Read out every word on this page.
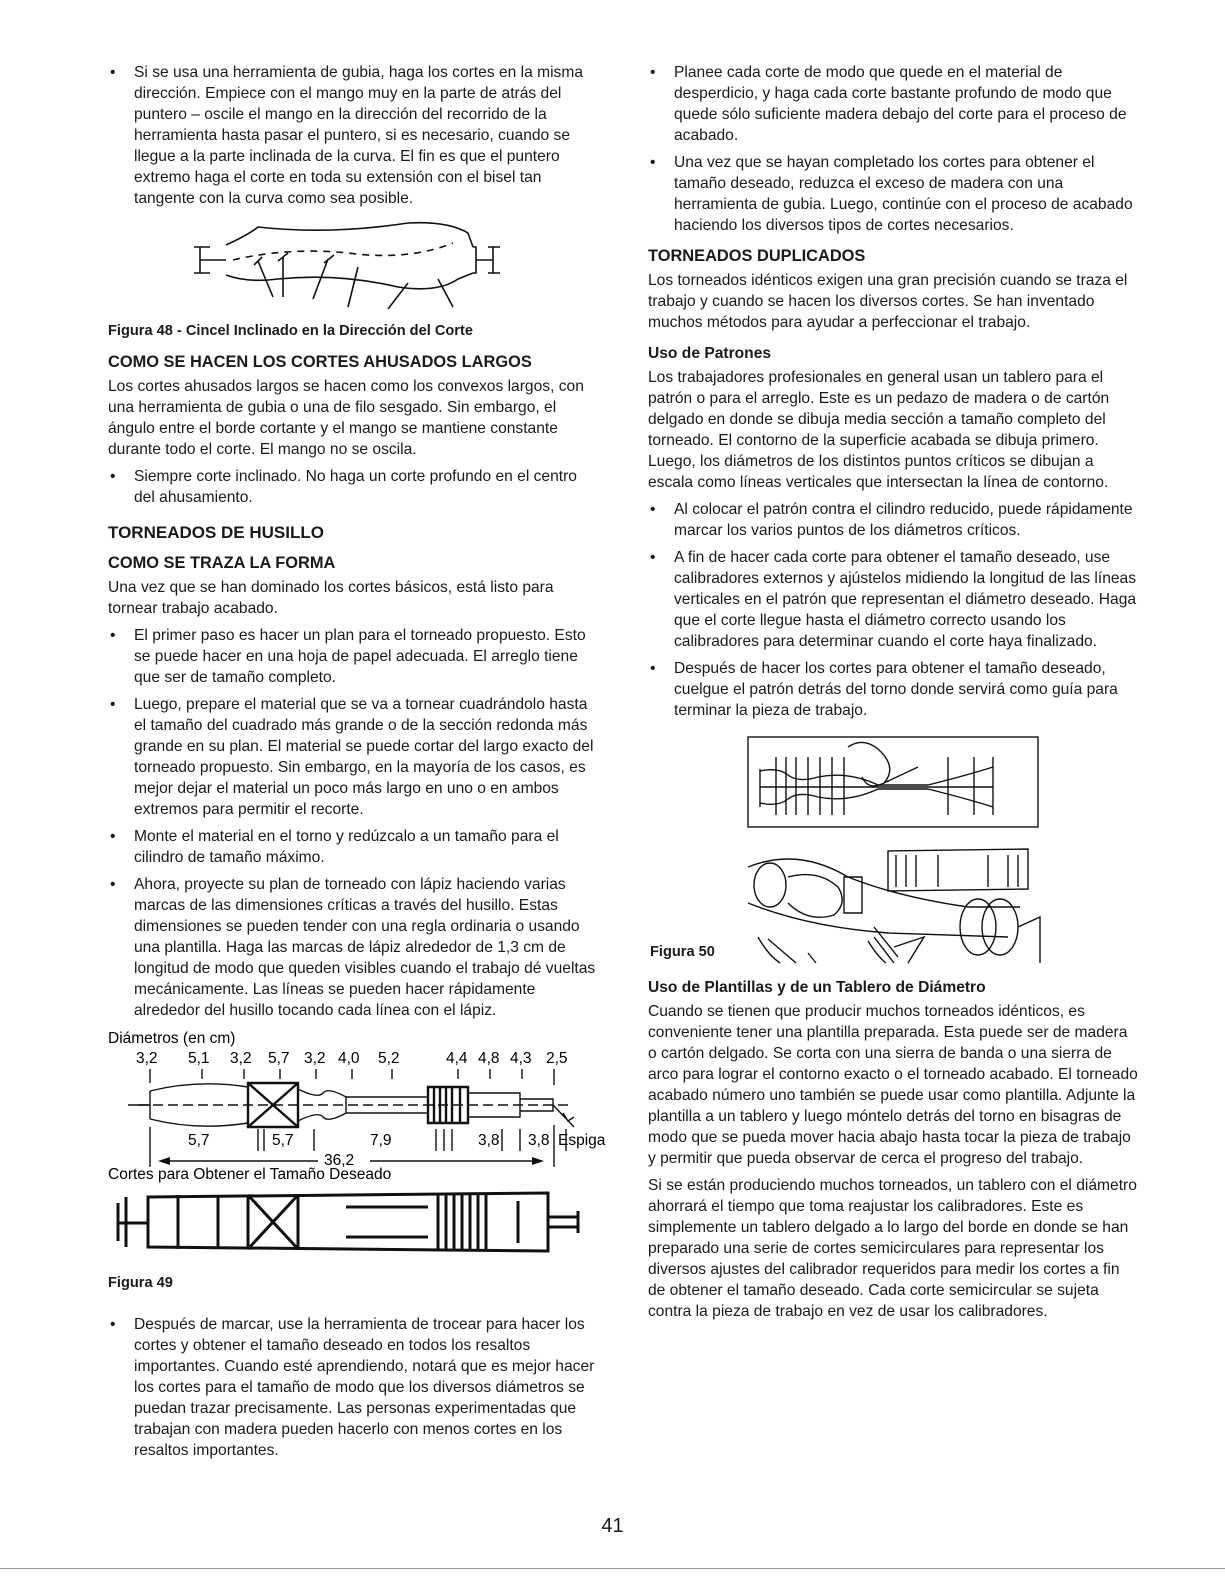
• Si se usa una herramienta de gubia, haga los cortes en la misma dirección. Empiece con el mango muy en la parte de atrás del puntero – oscile el mango en la dirección del recorrido de la herramienta hasta pasar el puntero, si es necesario, cuando se llegue a la parte inclinada de la curva. El fin es que el puntero extremo haga el corte en toda su extensión con el bisel tan tangente con la curva como sea posible.
Figura 48 - Cincel Inclinado en la Dirección del Corte
COMO SE HACEN LOS CORTES AHUSADOS LARGOS

Los cortes ahusados largos se hacen como los convexos largos, con una herramienta de gubia o una de filo sesgado. Sin embargo, el ángulo entre el borde cortante y el mango se mantiene constante durante todo el corte. El mango no se oscila.

• Siempre corte inclinado. No haga un corte profundo en el centro del ahusamiento.
TORNEADOS DE HUSILLO
COMO SE TRAZA LA FORMA

Una vez que se han dominado los cortes básicos, está listo para tornear trabajo acabado.

• El primer paso es hacer un plan para el torneado propuesto. Esto se puede hacer en una hoja de papel adecuada. El arreglo tiene que ser de tamaño completo.
• Luego, prepare el material que se va a tornear cuadrándolo hasta el tamaño del cuadrado más grande o de la sección redonda más grande en su plan. El material se puede cortar del largo exacto del torneado propuesto. Sin embargo, en la mayoría de los casos, es mejor dejar el material un poco más largo en uno o en ambos extremos para permitir el recorte.
• Monte el material en el torno y redúzcalo a un tamaño para el cilindro de tamaño máximo.
• Ahora, proyecte su plan de torneado con lápiz haciendo varias marcas de las dimensiones críticas a través del husillo. Estas dimensiones se pueden tender con una regla ordinaria o usando una plantilla. Haga las marcas de lápiz alrededor de 1,3 cm de longitud de modo que queden visibles cuando el trabajo dé vueltas mecánicamente. Las líneas se pueden hacer rápidamente alrededor del husillo tocando cada línea con el lápiz.
Diámetros (en cm)
3,2 5,1 3,2 5,7 3,2 4,0 5,2	4,4 4,8 4,3 2,5
5,7	5,7	7,9	3,8 3,8 Espiga
36,2
Cortes para Obtener el Tamaño Deseado
Figura 49
• Después de marcar, use la herramienta de trocear para hacer los cortes y obtener el tamaño deseado en todos los resaltos importantes. Cuando esté aprendiendo, notará que es mejor hacer los cortes para el tamaño de modo que los diversos diámetros se puedan trazar precisamente. Las personas experimentadas que trabajan con madera pueden hacerlo con menos cortes en los resaltos importantes.
• Planee cada corte de modo que quede en el material de desperdicio, y haga cada corte bastante profundo de modo que quede sólo suficiente madera debajo del corte para el proceso de acabado.
• Una vez que se hayan completado los cortes para obtener el tamaño deseado, reduzca el exceso de madera con una herramienta de gubia. Luego, continúe con el proceso de acabado haciendo los diversos tipos de cortes necesarios.
TORNEADOS DUPLICADOS

Los torneados idénticos exigen una gran precisión cuando se traza el trabajo y cuando se hacen los diversos cortes. Se han inventado muchos métodos para ayudar a perfeccionar el trabajo.

Uso de Patrones

Los trabajadores profesionales en general usan un tablero para el patrón o para el arreglo. Este es un pedazo de madera o de cartón delgado en donde se dibuja media sección a tamaño completo del torneado. El contorno de la superficie acabada se dibuja primero. Luego, los diámetros de los distintos puntos críticos se dibujan a escala como líneas verticales que intersectan la línea de contorno.

• Al colocar el patrón contra el cilindro reducido, puede rápidamente marcar los varios puntos de los diámetros críticos.
• A fin de hacer cada corte para obtener el tamaño deseado, use calibradores externos y ajústelos midiendo la longitud de las líneas verticales en el patrón que representan el diámetro deseado. Haga que el corte llegue hasta el diámetro correcto usando los calibradores para determinar cuando el corte haya finalizado.
• Después de hacer los cortes para obtener el tamaño deseado, cuelgue el patrón detrás del torno donde servirá como guía para terminar la pieza de trabajo.
Figura 50
Uso de Plantillas y de un Tablero de Diámetro

Cuando se tienen que producir muchos torneados idénticos, es conveniente tener una plantilla preparada. Esta puede ser de madera o cartón delgado. Se corta con una sierra de banda o una sierra de arco para lograr el contorno exacto o el torneado acabado. El torneado acabado número uno también se puede usar como plantilla. Adjunte la plantilla a un tablero y luego móntelo detrás del torno en bisagras de modo que se pueda mover hacia abajo hasta tocar la pieza de trabajo y permitir que pueda observar de cerca el progreso del trabajo.

Si se están produciendo muchos torneados, un tablero con el diámetro ahorrará el tiempo que toma reajustar los calibradores. Este es simplemente un tablero delgado a lo largo del borde en donde se han preparado una serie de cortes semicirculares para representar los diversos ajustes del calibrador requeridos para medir los cortes a fin de obtener el tamaño deseado. Cada corte semicircular se sujeta contra la pieza de trabajo en vez de usar los calibradores.

41
